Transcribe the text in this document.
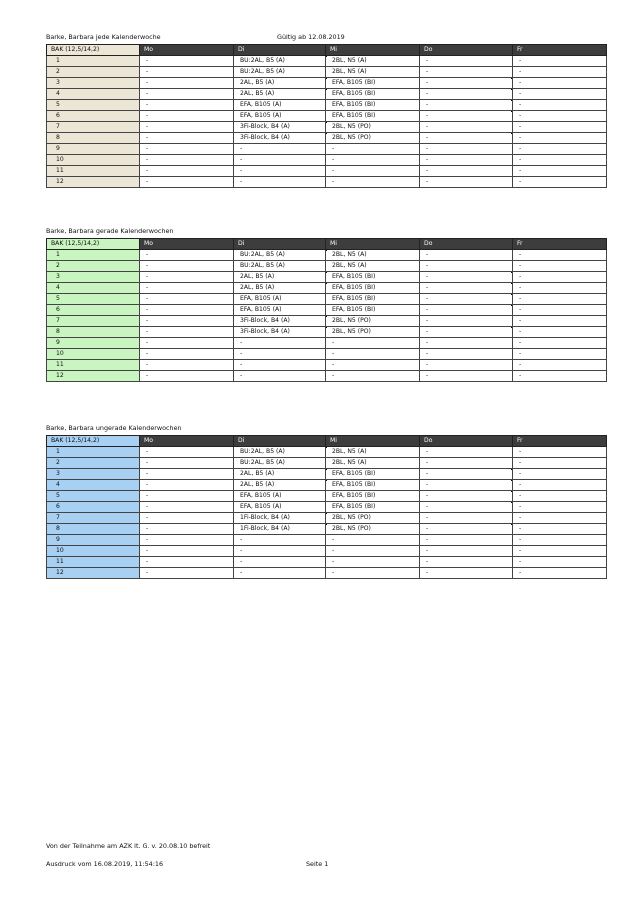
Barke, Barbara jede Kalenderwoche	Gültig ab 12.08.2019
BAK (12,5/14,2)	Mo	Di	Mi	Do	Fr
1	-	BU:2AL, B5 (A)	2BL, N5 (A)	-	-
2	-	BU:2AL, B5 (A)	2BL, N5 (A)	-	-
3	-	2AL, B5 (A)	EFA, B105 (BI)	-	-
4	-	2AL, B5 (A)	EFA, B105 (BI)	-	-
5	-	EFA, B105 (A)	EFA, B105 (BI)	-	-
6	-	EFA, B105 (A)	EFA, B105 (BI)	-	-
7	-	3Fi-Block, B4 (A)	2BL, N5 (PO)	-	-
8	-	3Fi-Block, B4 (A)	2BL, N5 (PO)	-	-
9	-	-	-	-	-
10	-	-	-	-	-
11	-	-	-	-	-
12	-	-	-	-	-
Barke, Barbara gerade Kalenderwochen
BAK (12,5/14,2)	Mo	Di	Mi	Do	Fr
1	-	BU:2AL, B5 (A)	2BL, N5 (A)	-	-
2	-	BU:2AL, B5 (A)	2BL, N5 (A)	-	-
3	-	2AL, B5 (A)	EFA, B105 (BI)	-	-
4	-	2AL, B5 (A)	EFA, B105 (BI)	-	-
5	-	EFA, B105 (A)	EFA, B105 (BI)	-	-
6	-	EFA, B105 (A)	EFA, B105 (BI)	-	-
7	-	3Fi-Block, B4 (A)	2BL, N5 (PO)	-	-
8	-	3Fi-Block, B4 (A)	2BL, N5 (PO)	-	-
9	-	-	-	-	-
10	-	-	-	-	-
11	-	-	-	-	-
12	-	-	-	-	-
Barke, Barbara ungerade Kalenderwochen
BAK (12,5/14,2)	Mo	Di	Mi	Do	Fr
1	-	BU:2AL, B5 (A)	2BL, N5 (A)	-	-
2	-	BU:2AL, B5 (A)	2BL, N5 (A)	-	-
3	-	2AL, B5 (A)	EFA, B105 (BI)	-	-
4	-	2AL, B5 (A)	EFA, B105 (BI)	-	-
5	-	EFA, B105 (A)	EFA, B105 (BI)	-	-
6	-	EFA, B105 (A)	EFA, B105 (BI)	-	-
7	-	1Fi-Block, B4 (A)	2BL, N5 (PO)	-	-
8	-	1Fi-Block, B4 (A)	2BL, N5 (PO)	-	-
9	-	-	-	-	-
10	-	-	-	-	-
11	-	-	-	-	-
12	-	-	-	-	-
Von der Teilnahme am AZK lt. G. v. 20.08.10 befreit
Ausdruck vom 16.08.2019, 11:54:16	Seite 1
